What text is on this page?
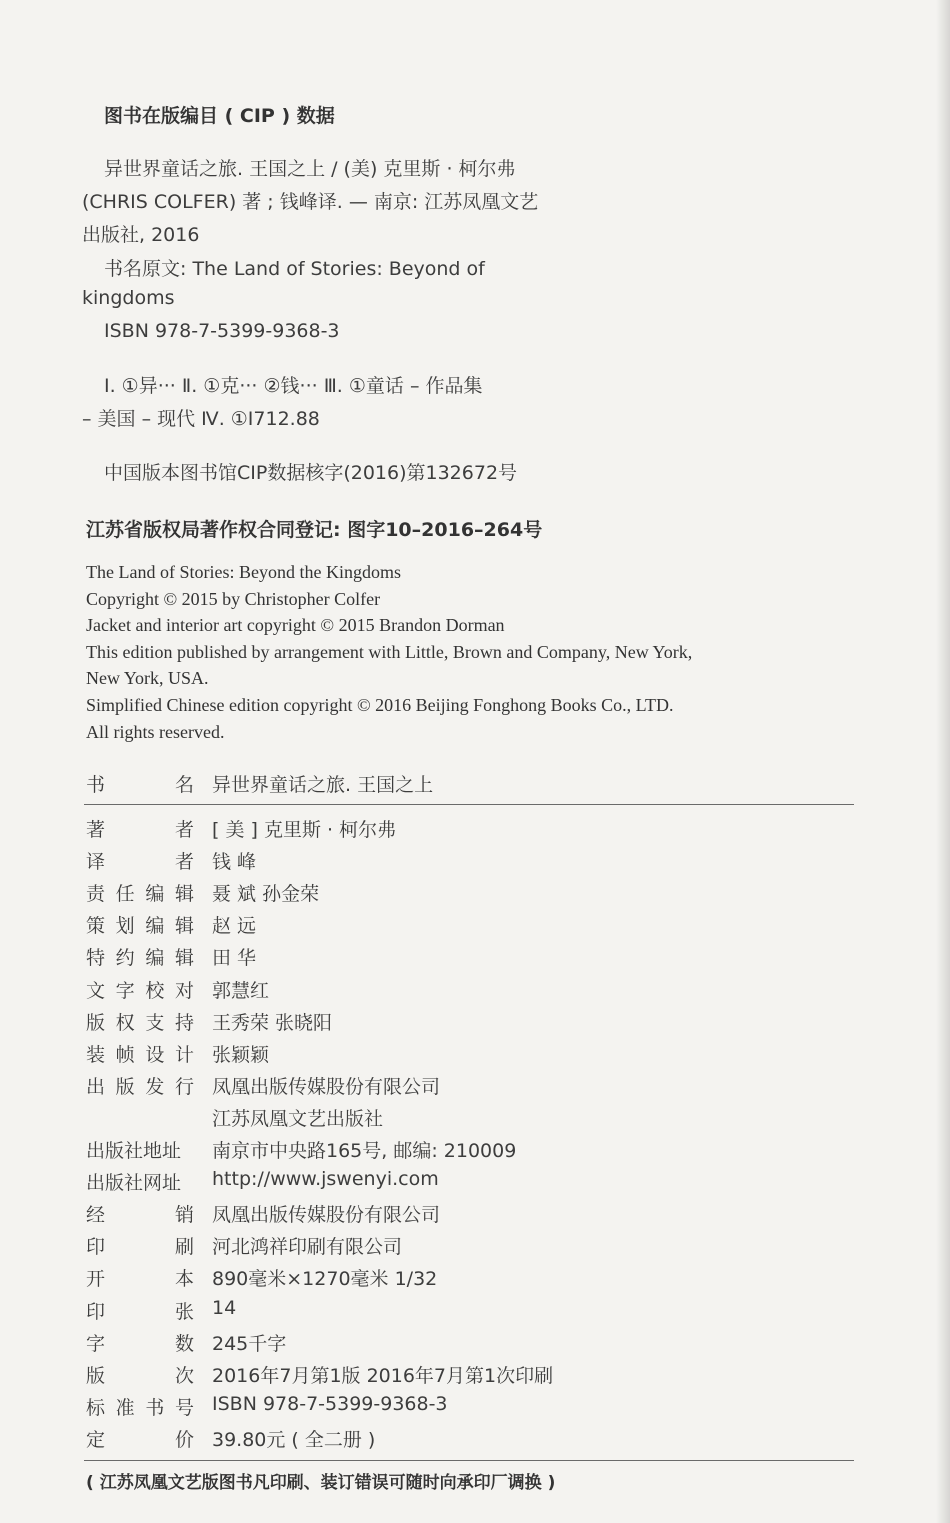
图书在版编目 ( CIP ) 数据
异世界童话之旅. 王国之上 / (美) 克里斯 · 柯尔弗
(CHRIS COLFER) 著 ; 钱峰译. — 南京: 江苏凤凰文艺
出版社, 2016
书名原文: The Land of Stories: Beyond of
kingdoms
ISBN 978-7-5399-9368-3
Ⅰ. ①异··· Ⅱ. ①克··· ②钱··· Ⅲ. ①童话 – 作品集
– 美国 – 现代 Ⅳ. ①I712.88
中国版本图书馆CIP数据核字(2016)第132672号
江苏省版权局著作权合同登记: 图字10–2016–264号
The Land of Stories: Beyond the Kingdoms
Copyright © 2015 by Christopher Colfer
Jacket and interior art copyright © 2015 Brandon Dorman
This edition published by arrangement with Little, Brown and Company, New York,
New York, USA.
Simplified Chinese edition copyright © 2016 Beijing Fonghong Books Co., LTD.
All rights reserved.
书	名 异世界童话之旅. 王国之上
著	者 [ 美 ] 克里斯 · 柯尔弗
译	者 钱 峰
责 任 编 辑 聂 斌 孙金荣
策 划 编 辑 赵 远
特 约 编 辑 田 华
文 字 校 对 郭慧红
版 权 支 持 王秀荣 张晓阳
装 帧 设 计 张颖颖
出 版 发 行 凤凰出版传媒股份有限公司
江苏凤凰文艺出版社
出版社地址 南京市中央路165号, 邮编: 210009
出版社网址 http://www.jswenyi.com
经	销 凤凰出版传媒股份有限公司
印	刷 河北鸿祥印刷有限公司
开	本 890毫米×1270毫米 1/32
印	张 14
字	数 245千字
版	次 2016年7月第1版 2016年7月第1次印刷
标 准 书 号 ISBN 978-7-5399-9368-3
定	价 39.80元 ( 全二册 )
( 江苏凤凰文艺版图书凡印刷、装订错误可随时向承印厂调换 )
